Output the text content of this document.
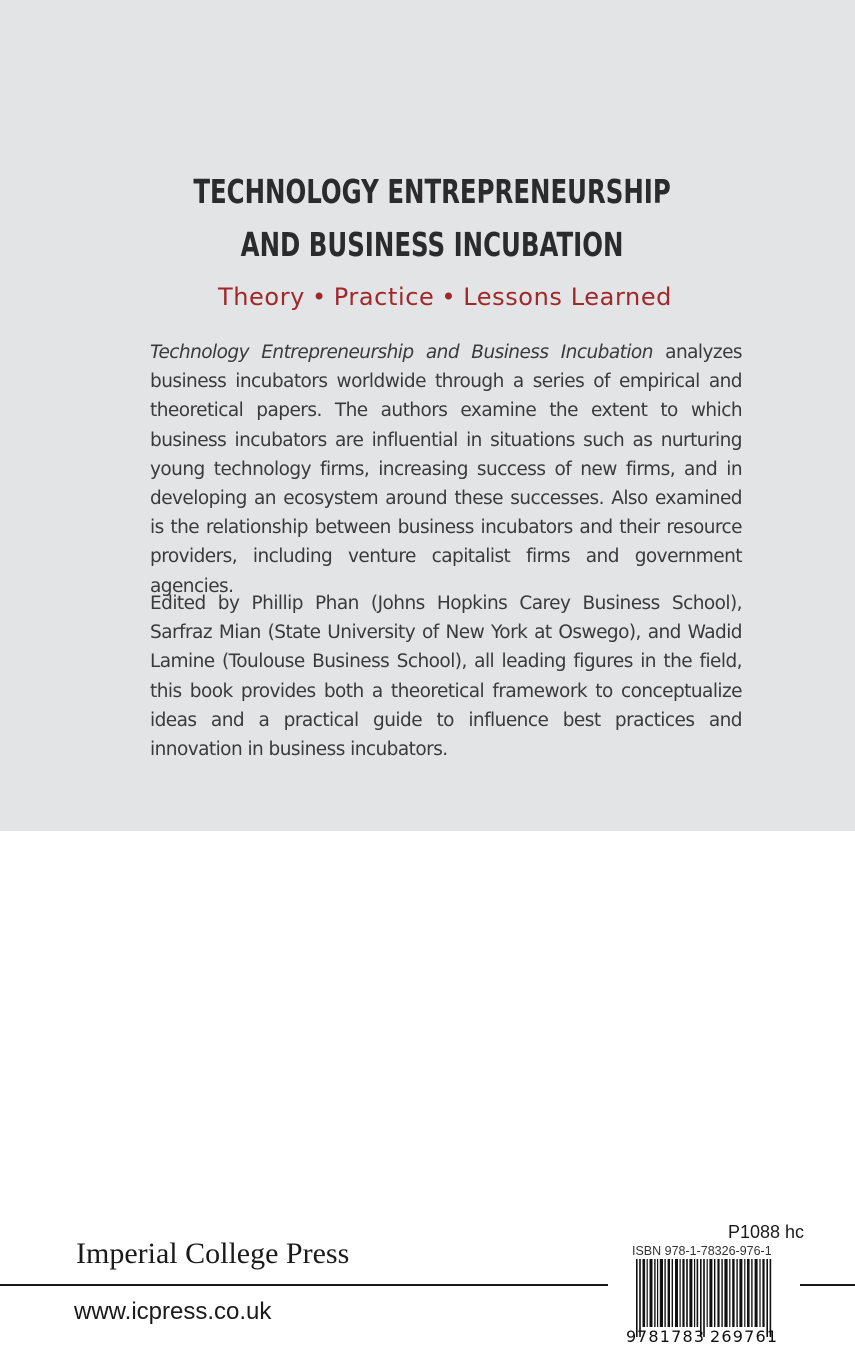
TECHNOLOGY ENTREPRENEURSHIP
AND BUSINESS INCUBATION
Theory • Practice • Lessons Learned

Technology Entrepreneurship and Business Incubation analyzes business incubators worldwide through a series of empirical and theoretical papers. The authors examine the extent to which business incubators are influential in situations such as nurturing young technology firms, increasing success of new firms, and in developing an ecosystem around these successes. Also examined is the relationship between business incubators and their resource providers, including venture capitalist firms and government agencies.

Edited by Phillip Phan (Johns Hopkins Carey Business School), Sarfraz Mian (State University of New York at Oswego), and Wadid Lamine (Toulouse Business School), all leading figures in the field, this book provides both a theoretical framework to conceptualize ideas and a practical guide to influence best practices and innovation in business incubators.

Imperial College Press
www.icpress.co.uk
P1088 hc
ISBN 978-1-78326-976-1
9 781783 269761
